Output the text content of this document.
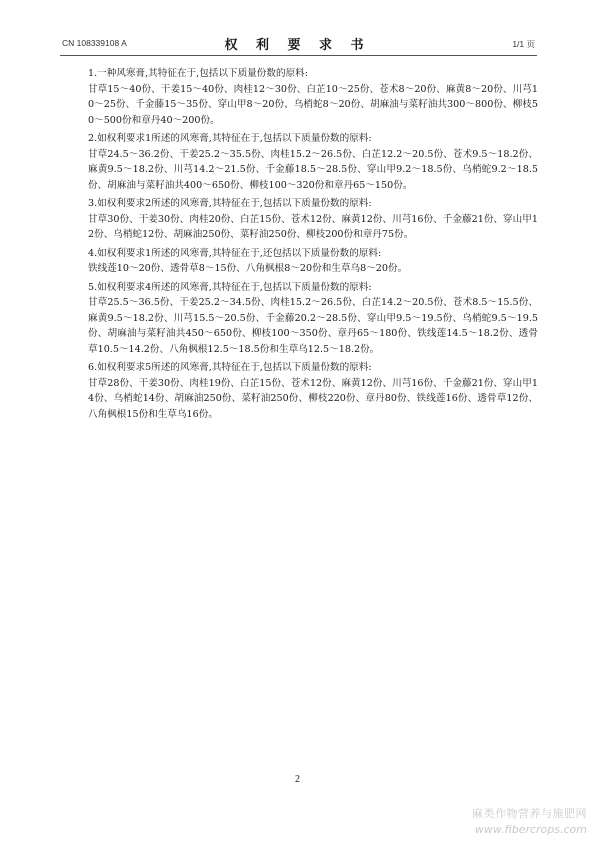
CN 108339108 A	权 利 要 求 书	1/1 页
1.一种风寒膏,其特征在于,包括以下质量份数的原料:
甘草15～40份、干姜15～40份、肉桂12～30份、白芷10～25份、苍术8～20份、麻黄8～20份、川芎10～25份、千金藤15～35份、穿山甲8～20份、乌梢蛇8～20份、胡麻油与菜籽油共300～800份、柳枝50～500份和章丹40～200份。
2.如权利要求1所述的风寒膏,其特征在于,包括以下质量份数的原料:
甘草24.5～36.2份、干姜25.2～35.5份、肉桂15.2～26.5份、白芷12.2～20.5份、苍术9.5～18.2份、麻黄9.5～18.2份、川芎14.2～21.5份、千金藤18.5～28.5份、穿山甲9.2～18.5份、乌梢蛇9.2～18.5份、胡麻油与菜籽油共400～650份、柳枝100～320份和章丹65～150份。
3.如权利要求2所述的风寒膏,其特征在于,包括以下质量份数的原料:
甘草30份、干姜30份、肉桂20份、白芷15份、苍术12份、麻黄12份、川芎16份、千金藤21份、穿山甲12份、乌梢蛇12份、胡麻油250份、菜籽油250份、柳枝200份和章丹75份。
4.如权利要求1所述的风寒膏,其特征在于,还包括以下质量份数的原料:
铁线莲10～20份、透骨草8～15份、八角枫根8～20份和生草乌8～20份。
5.如权利要求4所述的风寒膏,其特征在于,包括以下质量份数的原料:
甘草25.5～36.5份、干姜25.2～34.5份、肉桂15.2～26.5份、白芷14.2～20.5份、苍术8.5～15.5份、麻黄9.5～18.2份、川芎15.5～20.5份、千金藤20.2～28.5份、穿山甲9.5～19.5份、乌梢蛇9.5～19.5份、胡麻油与菜籽油共450～650份、柳枝100～350份、章丹65～180份、铁线莲14.5～18.2份、透骨草10.5～14.2份、八角枫根12.5～18.5份和生草乌12.5～18.2份。
6.如权利要求5所述的风寒膏,其特征在于,包括以下质量份数的原料:
甘草28份、干姜30份、肉桂19份、白芷15份、苍术12份、麻黄12份、川芎16份、千金藤21份、穿山甲14份、乌梢蛇14份、胡麻油250份、菜籽油250份、柳枝220份、章丹80份、铁线莲16份、透骨草12份、八角枫根15份和生草乌16份。
2
麻类作物营养与施肥网
www.fibercrops.com
